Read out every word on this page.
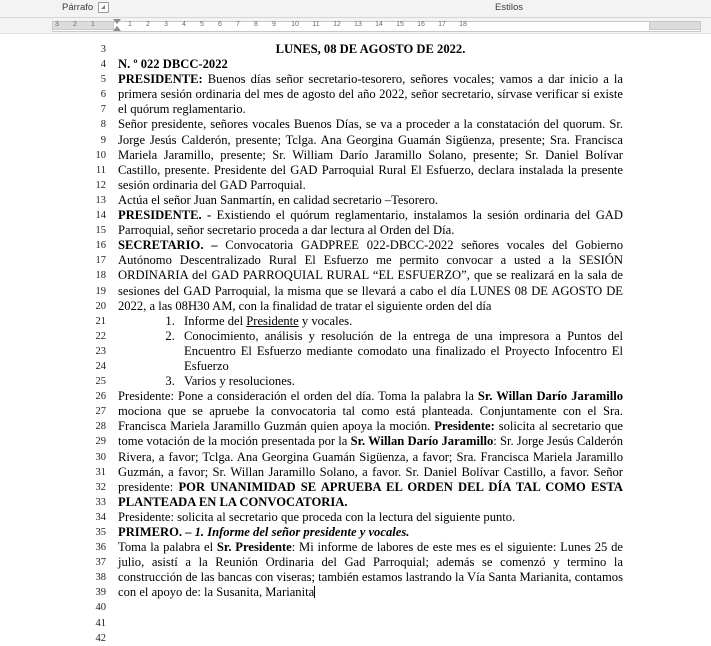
Párrafo	Estilos
3 2 1	1 2 3 4 5 6 7 8 9 10 11 12 13 14 15 16 17 18
3
4
5
6
7
8
9
10
11
12
13
14
15
16
17
18
19
20
21
22
23
24
25
26
27
28
29
30
31
32
33
34
35
36
37
38
39
40
41
42

LUNES, 08 DE AGOSTO DE 2022.

N. º 022 DBCC-2022

PRESIDENTE: Buenos días señor secretario-tesorero, señores vocales; vamos a dar inicio a la primera sesión ordinaria del mes de agosto del año 2022, señor secretario, sírvase verificar si existe el quórum reglamentario.

Señor presidente, señores vocales Buenos Días, se va a proceder a la constatación del quorum. Sr. Jorge Jesús Calderón, presente; Tclga. Ana Georgina Guamán Sigüenza, presente; Sra. Francisca Mariela Jaramillo, presente; Sr. William Darío Jaramillo Solano, presente; Sr. Daniel Bolívar Castillo, presente. Presidente del GAD Parroquial Rural El Esfuerzo, declara instalada la presente sesión ordinaria del GAD Parroquial.

Actúa el señor Juan Sanmartín, en calidad secretario –Tesorero.

PRESIDENTE. - Existiendo el quórum reglamentario, instalamos la sesión ordinaria del GAD Parroquial, señor secretario proceda a dar lectura al Orden del Día.

SECRETARIO. – Convocatoria GADPREE 022-DBCC-2022 señores vocales del Gobierno Autónomo Descentralizado Rural El Esfuerzo me permito convocar a usted a la SESIÓN ORDINARIA del GAD PARROQUIAL RURAL “EL ESFUERZO”, que se realizará en la sala de sesiones del GAD Parroquial, la misma que se llevará a cabo el día LUNES 08 DE AGOSTO DE 2022, a las 08H30 AM, con la finalidad de tratar el siguiente orden del día

1. Informe del Presidente y vocales.
2. Conocimiento, análisis y resolución de la entrega de una impresora a Puntos del Encuentro El Esfuerzo mediante comodato una finalizado el Proyecto Infocentro El Esfuerzo
3. Varios y resoluciones.

Presidente: Pone a consideración el orden del día. Toma la palabra la Sr. Willan Darío Jaramillo mociona que se apruebe la convocatoria tal como está planteada. Conjuntamente con el Sra. Francisca Mariela Jaramillo Guzmán quien apoya la moción. Presidente: solicita al secretario que tome votación de la moción presentada por la Sr. Willan Darío Jaramillo: Sr. Jorge Jesús Calderón Rivera, a favor; Tclga. Ana Georgina Guamán Sigüenza, a favor; Sra. Francisca Mariela Jaramillo Guzmán, a favor; Sr. Willan Jaramillo Solano, a favor. Sr. Daniel Bolívar Castillo, a favor. Señor presidente: POR UNANIMIDAD SE APRUEBA EL ORDEN DEL DÍA TAL COMO ESTA PLANTEADA EN LA CONVOCATORIA.

Presidente: solicita al secretario que proceda con la lectura del siguiente punto.

PRIMERO. – 1. Informe del señor presidente y vocales.

Toma la palabra el Sr. Presidente: Mi informe de labores de este mes es el siguiente: Lunes 25 de julio, asistí a la Reunión Ordinaria del Gad Parroquial; además se comenzó y termino la construcción de las bancas con viseras; también estamos lastrando la Vía Santa Marianita, contamos con el apoyo de: la Susanita, Marianita
